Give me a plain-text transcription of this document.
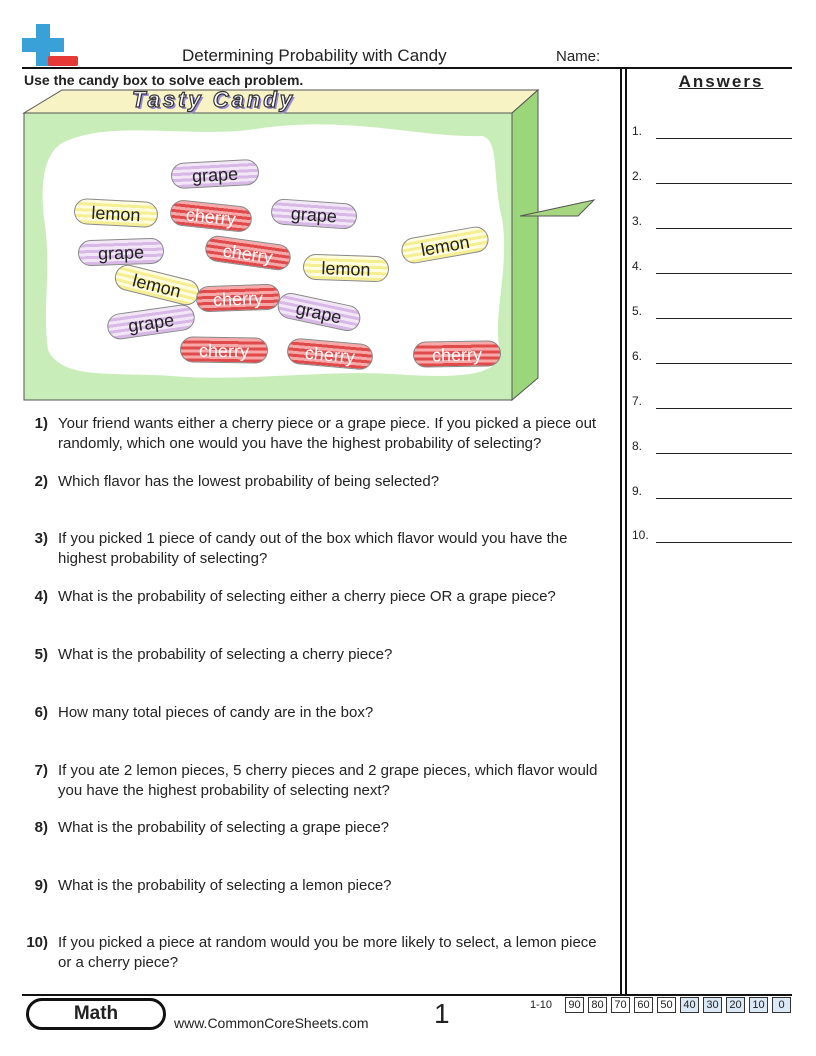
Determining Probability with Candy	Name:
Use the candy box to solve each problem.
Tasty Candy
grape
lemon	cherry	grape
lemon
grape	cherry
lemon
lemon	cherry	grape
grape
cherry	cherry	cherry
1) Your friend wants either a cherry piece or a grape piece. If you picked a piece out randomly, which one would you have the highest probability of selecting?
2) Which flavor has the lowest probability of being selected?
3) If you picked 1 piece of candy out of the box which flavor would you have the highest probability of selecting?
4) What is the probability of selecting either a cherry piece OR a grape piece?
5) What is the probability of selecting a cherry piece?
6) How many total pieces of candy are in the box?
7) If you ate 2 lemon pieces, 5 cherry pieces and 2 grape pieces, which flavor would you have the highest probability of selecting next?
8) What is the probability of selecting a grape piece?
9) What is the probability of selecting a lemon piece?
10) If you picked a piece at random would you be more likely to select, a lemon piece or a cherry piece?
Answers
1.
2.
3.
4.
5.
6.
7.
8.
9.
10.
Math	www.CommonCoreSheets.com 1	1-10	90 80 70 60 50 40 30 20 10	0
